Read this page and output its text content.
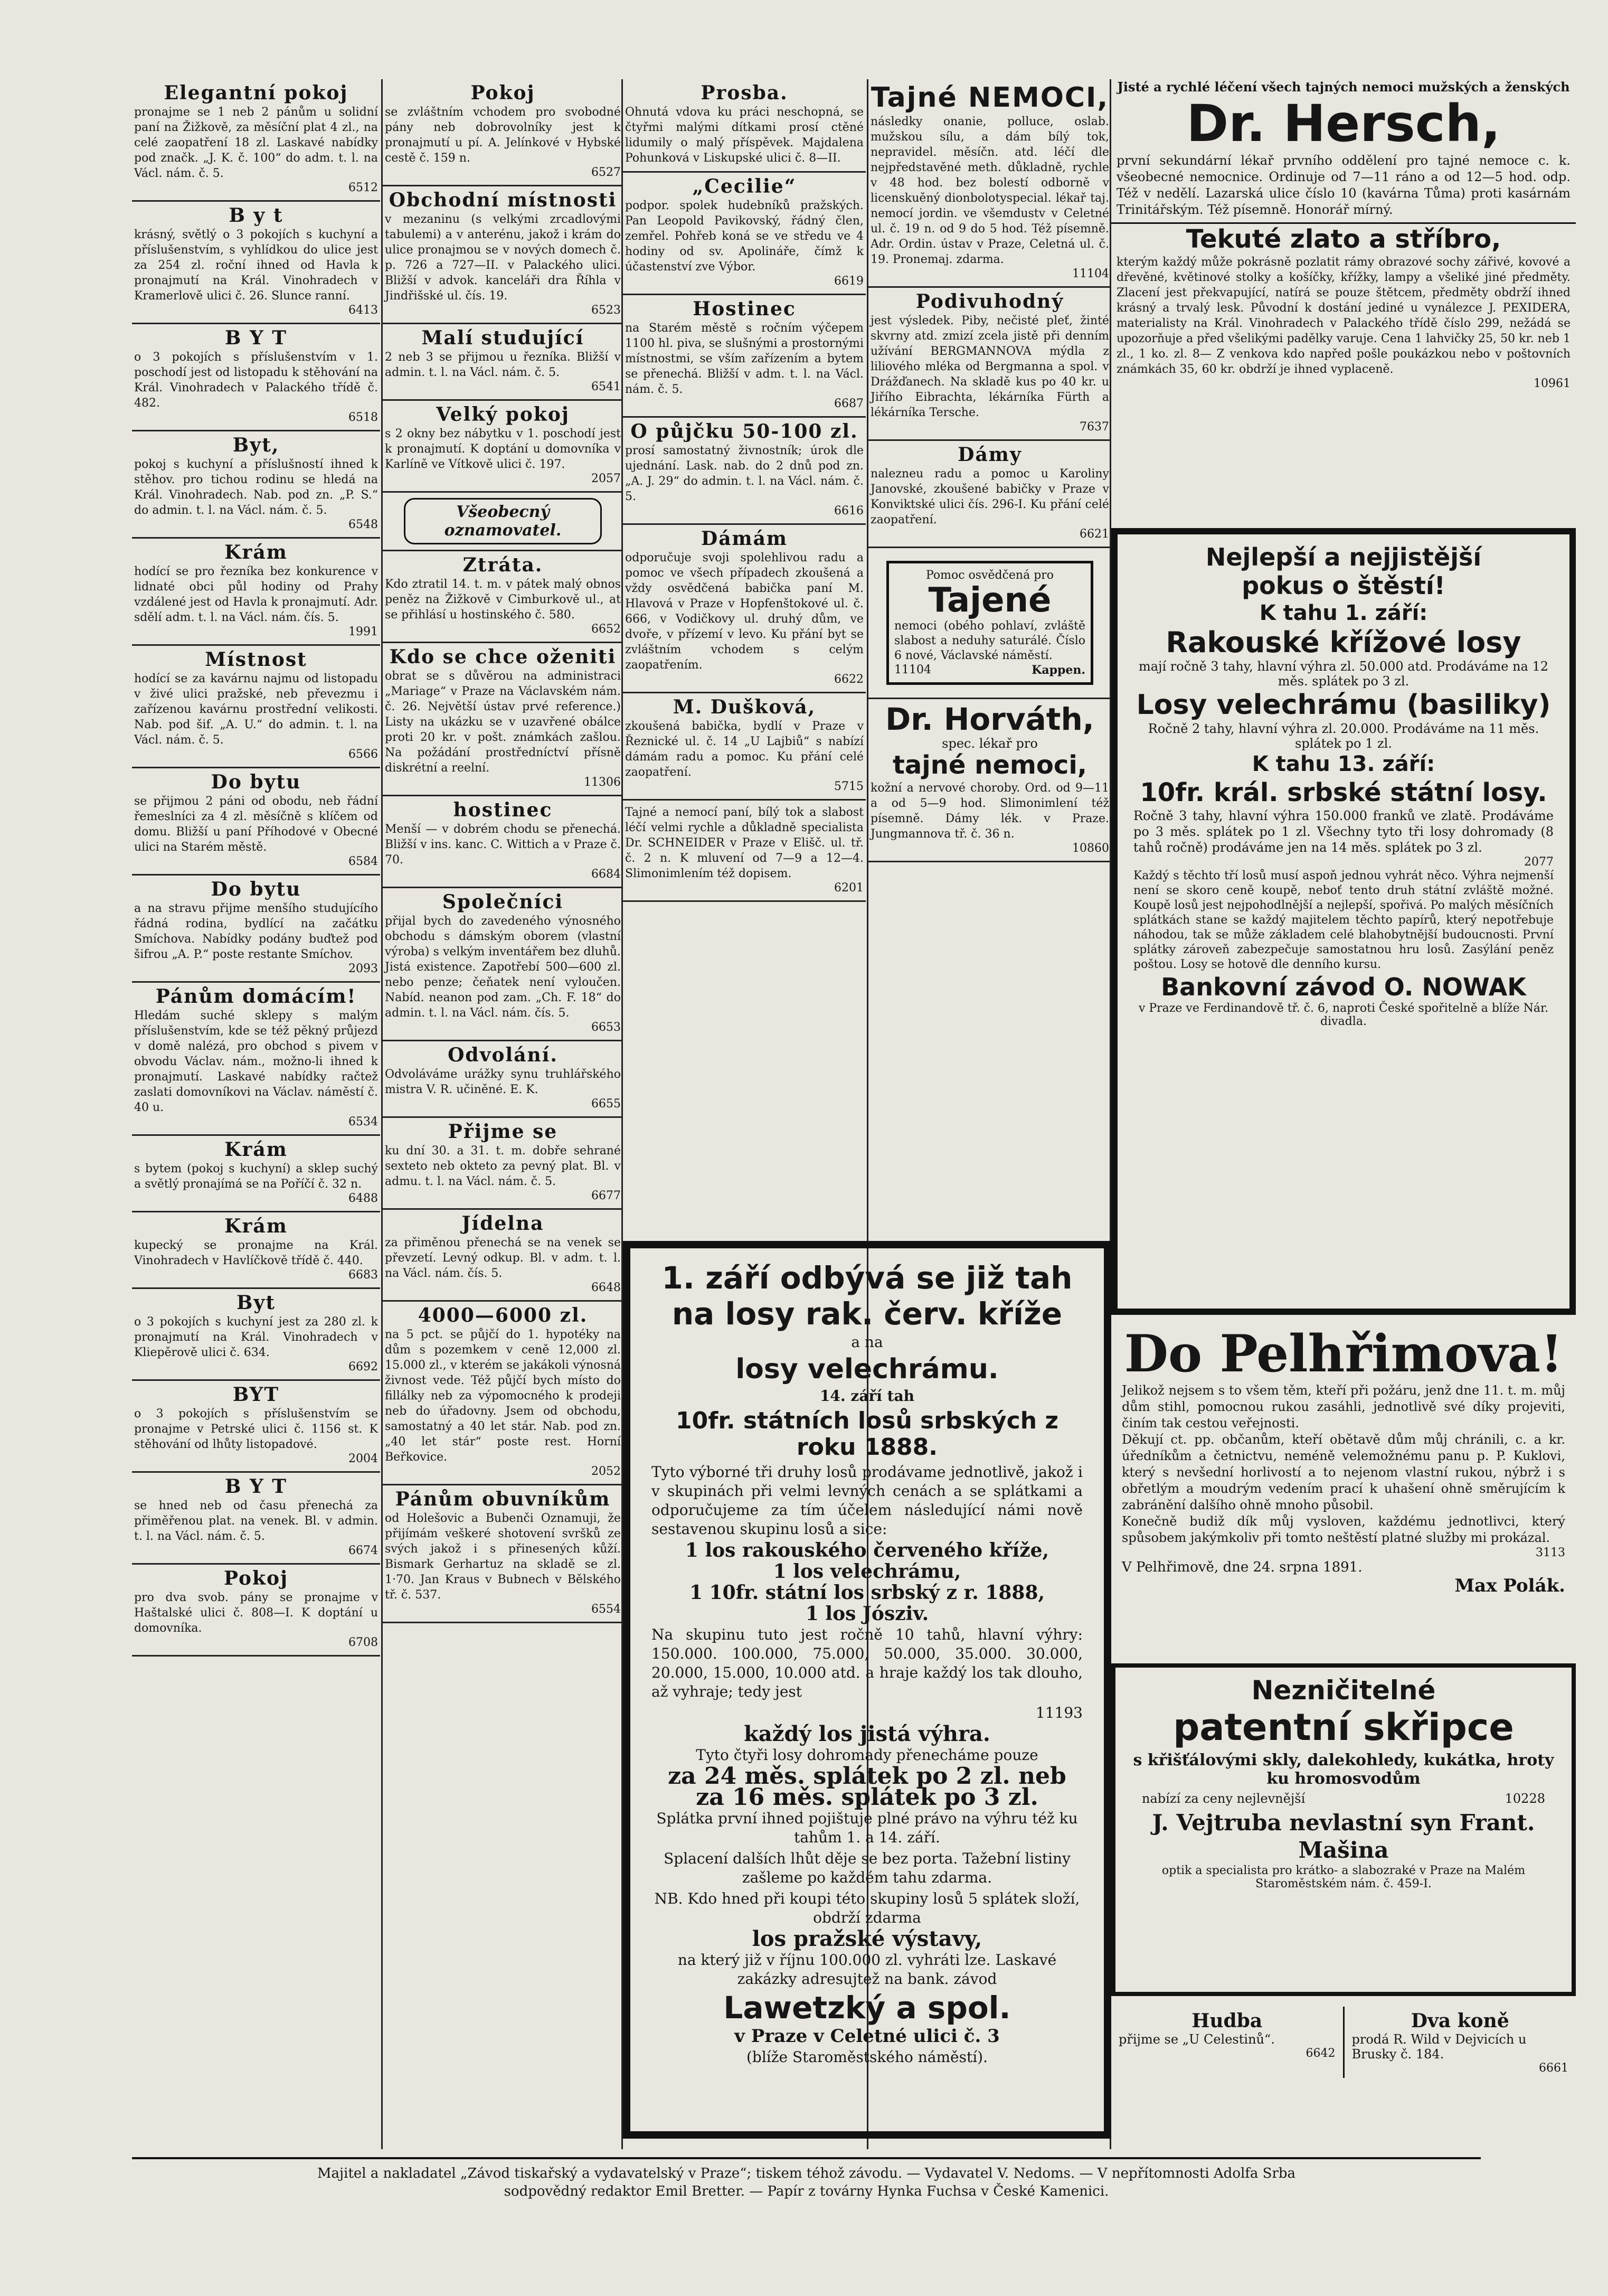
Elegantní pokoj

pronajme se 1 neb 2 pánům u solidní paní na Žižkově, za měsíční plat 4 zl., na celé zaopatření 18 zl. Laskavé nabídky pod značk. „J. K. č. 100“ do adm. t. l. na Václ. nám. č. 5.

6512
B y t

krásný, světlý o 3 pokojích s kuchyní a příslušenstvím, s vyhlídkou do ulice jest za 254 zl. roční ihned od Havla k pronajmutí na Král. Vinohradech v Kramerlově ulici č. 26. Slunce ranní.

6413
B Y T

o 3 pokojích s příslušenstvím v 1. poschodí jest od listopadu k stěhování na Král. Vinohradech v Palackého třídě č. 482.

6518
Byt,

pokoj s kuchyní a příslušností ihned k stěhov. pro tichou rodinu se hledá na Král. Vinohradech. Nab. pod zn. „P. S.“ do admin. t. l. na Václ. nám. č. 5.

6548
Krám

hodící se pro řezníka bez konkurence v lidnaté obci půl hodiny od Prahy vzdálené jest od Havla k pronajmutí. Adr. sdělí adm. t. l. na Václ. nám. čís. 5.

1991
Místnost

hodící se za kavárnu najmu od listopadu v živé ulici pražské, neb převezmu i zařízenou kavárnu prostřední velikosti. Nab. pod šif. „A. U.“ do admin. t. l. na Václ. nám. č. 5.

6566
Do bytu

se přijmou 2 páni od obodu, neb řádní řemeslníci za 4 zl. měsíčně s klíčem od domu. Bližší u paní Příhodové v Obecné ulici na Starém městě.

6584
Do bytu

a na stravu přijme menšího studujícího řádná rodina, bydlící na začátku Smíchova. Nabídky podány buďtež pod šifrou „A. P.“ poste restante Smíchov.

2093
Pánům domácím!

Hledám suché sklepy s malým příslušenstvím, kde se též pěkný průjezd v domě nalézá, pro obchod s pivem v obvodu Václav. nám., možno-li ihned k pronajmutí. Laskavé nabídky račtež zaslati domovníkovi na Václav. náměstí č. 40 u.

6534
Krám

s bytem (pokoj s kuchyní) a sklep suchý a světlý pronajímá se na Poříčí č. 32 n.

6488
Krám

kupecký se pronajme na Král. Vinohradech v Havlíčkově třídě č. 440.

6683
Byt

o 3 pokojích s kuchyní jest za 280 zl. k pronajmutí na Král. Vinohradech v Kliepěrově ulici č. 634.

6692
BYT

o 3 pokojích s příslušenstvím se pronajme v Petrské ulici č. 1156 st. K stěhování od lhůty listopadové.

2004
B Y T

se hned neb od času přenechá za přiměřenou plat. na venek. Bl. v admin. t. l. na Václ. nám. č. 5.

6674
Pokoj

pro dva svob. pány se pronajme v Haštalské ulici č. 808—I. K doptání u domovníka.

6708
Pokoj

se zvláštním vchodem pro svobodné pány neb dobrovolníky jest k pronajmutí u pí. A. Jelínkové v Hybské cestě č. 159 n.

6527
Obchodní místnosti

v mezaninu (s velkými zrcadlovými tabulemi) a v anterénu, jakož i krám do ulice pronajmou se v nových domech č. p. 726 a 727—II. v Palackého ulici. Bližší v advok. kanceláři dra Říhla v Jindřišské ul. čís. 19.

6523
Malí studující

2 neb 3 se přijmou u řezníka. Bližší v admin. t. l. na Václ. nám. č. 5.

6541
Velký pokoj

s 2 okny bez nábytku v 1. poschodí jest k pronajmutí. K doptání u domovníka v Karlíně ve Vítkově ulici č. 197.

2057
Všeobecný oznamovatel.
Ztráta.

Kdo ztratil 14. t. m. v pátek malý obnos peněz na Žižkově v Cimburkově ul., at se přihlásí u hostinského č. 580.

6652
Kdo se chce oženiti

obrat se s důvěrou na administraci „Mariage“ v Praze na Václavském nám. č. 26. Největší ústav prvé reference.) Listy na ukázku se v uzavřené obálce proti 20 kr. v pošt. známkách zašlou. Na požádání prostředníctví přísně diskrétní a reelní.

11306
hostinec

Menší — v dobrém chodu se přenechá. Bližší v ins. kanc. C. Wittich a v Praze č. 70.

6684
Společníci

přijal bych do zavedeného výnosného obchodu s dámským oborem (vlastní výroba) s velkým inventářem bez dluhů. Jistá existence. Zapotřebí 500—600 zl. nebo penze; čeňatek není vyloučen. Nabíd. neanon pod zam. „Ch. F. 18“ do admin. t. l. na Václ. nám. čís. 5.

6653
Odvolání.

Odvoláváme urážky synu truhlářského mistra V. R. učiněné. E. K.

6655
Přijme se

ku dní 30. a 31. t. m. dobře sehrané sexteto neb okteto za pevný plat. Bl. v admu. t. l. na Václ. nám. č. 5.

6677
Jídelna

za přiměnou přenechá se na venek se převzetí. Levný odkup. Bl. v adm. t. l. na Václ. nám. čís. 5.

6648
4000—6000 zl.

na 5 pct. se půjčí do 1. hypotéky na dům s pozemkem v ceně 12,000 zl. 15.000 zl., v kterém se jakákoli výnosná živnost vede. Též půjčí bych místo do fillálky neb za výpomocného k prodeji neb do úřadovny. Jsem od obchodu, samostatný a 40 let stár. Nab. pod zn. „40 let stár“ poste rest. Horní Beřkovice.

2052
Pánům obuvníkům

od Holešovic a Bubenči Oznamuji, že přijímám veškeré shotovení svršků ze svých jakož i s přinesených kůží. Bismark Gerhartuz na skladě se zl. 1·70. Jan Kraus v Bubnech v Bělského tř. č. 537.

6554
Prosba.

Ohnutá vdova ku práci neschopná, se čtyřmi malými dítkami prosí ctěné lidumily o malý příspěvek. Majdalena Pohunková v Liskupské ulici č. 8—II.

„Cecilie“

podpor. spolek hudebníků pražských. Pan Leopold Pavikovský, řádný člen, zemřel. Pohřeb koná se ve středu ve 4 hodiny od sv. Apolináře, čímž k účastenství zve Výbor.

6619
Hostinec

na Starém městě s ročním výčepem 1100 hl. piva, se slušnými a prostornými místnostmi, se vším zařízením a bytem se přenechá. Bližší v adm. t. l. na Václ. nám. č. 5.

6687
O půjčku 50-100 zl.

prosí samostatný živnostník; úrok dle ujednání. Lask. nab. do 2 dnů pod zn. „A. J. 29“ do admin. t. l. na Václ. nám. č. 5.

6616
Dámám

odporučuje svoji spolehlivou radu a pomoc ve všech případech zkoušená a vždy osvědčená babička paní M. Hlavová v Praze v Hopfenštokové ul. č. 666, v Vodičkovy ul. druhý dům, ve dvoře, v přízemí v levo. Ku přání byt se zvláštním vchodem s celým zaopatřením.

6622
M. Dušková,

zkoušená babička, bydlí v Praze v Řeznické ul. č. 14 „U Lajbiů“ s nabízí dámám radu a pomoc. Ku přání celé zaopatření.

5715

Tajné a nemocí paní, bílý tok a slabost léčí velmi rychle a důkladně specialista Dr. SCHNEIDER v Praze v Elišč. ul. tř. č. 2 n. K mluvení od 7—9 a 12—4. Slimonimlením též dopisem.

6201
Tajné NEMOCI,

následky onanie, polluce, oslab. mužskou sílu, a dám bílý tok, nepravidel. měsíčn. atd. léčí dle nejpředstavěné meth. důkladně, rychle v 48 hod. bez bolestí odborně v licenskuěný dionbolotyspecial. lékař taj. nemocí jordin. ve všemdustv v Celetné ul. č. 19 n. od 9 do 5 hod. Též písemně. Adr. Ordin. ústav v Praze, Celetná ul. č. 19. Pronemaj. zdarma.

11104
Podivuhodný

jest výsledek. Piby, nečisté pleť, žinté skvrny atd. zmizí zcela jistě při denním užívání BERGMANNOVA mýdla z liliového mléka od Bergmanna a spol. v Drážďanech. Na skladě kus po 40 kr. u Jiřího Eibrachta, lékárníka Fürth a lékárníka Tersche.

7637
Dámy

nalezneu radu a pomoc u Karoliny Janovské, zkoušené babičky v Praze v Konviktské ulici čís. 296-I. Ku přání celé zaopatření.

6621
Pomoc osvědčená pro
Tajené

nemoci (obého pohlaví, zvláště slabost a neduhy saturálé. Číslo 6 nové, Václavské náměstí.

11104	Kappen.
Dr. Horváth,
spec. lékař pro
tajné nemoci,

kožní a nervové choroby. Ord. od 9—11 a od 5—9 hod. Slimonimlení též písemně. Dámy lék. v Praze. Jungmannova tř. č. 36 n.

10860

1. září odbývá se již tah

na losy rak. červ. kříže

a na

losy velechrámu.

14. září tah

10fr. státních losů srbských z roku 1888.

Tyto výborné tři druhy losů prodávame jednotlivě, jakož i v skupinách při velmi levných cenách a se splátkami a odporučujeme za tím účelem následující námi nově sestavenou skupinu losů a sice:

1 los rakouského červeného kříže,

1 los velechrámu,

1 10fr. státní los srbský z r. 1888,

1 los Jósziv.

Na skupinu tuto jest ročně 10 tahů, hlavní výhry: 150.000. 100.000, 75.000, 50.000, 35.000. 30.000, 20.000, 15.000, 10.000 atd. a hraje každý los tak dlouho, až vyhraje; tedy jest

11193

každý los jistá výhra.

Tyto čtyři losy dohromady přenecháme pouze

za 24 měs. splátek po 2 zl. neb

za 16 měs. splátek po 3 zl.

Splátka první ihned pojištuje plné právo na výhru též ku tahům 1. a 14. září.

Splacení dalších lhůt děje se bez porta. Tažební listiny zašleme po každém tahu zdarma.

NB. Kdo hned při koupi této skupiny losů 5 splátek složí, obdrží zdarma

los pražské výstavy,

na který již v říjnu 100.000 zl. vyhráti lze. Laskavé zakázky adresujtež na bank. závod

Lawetzký a spol.

v Praze v Celetné ulici č. 3

(blíže Staroměstského náměstí).

Jisté a rychlé léčení všech tajných nemoci mužských a ženských
Dr. Hersch,

první sekundární lékař prvního oddělení pro tajné nemoce c. k. všeobecné nemocnice. Ordinuje od 7—11 ráno a od 12—5 hod. odp. Též v nedělí. Lazarská ulice číslo 10 (kavárna Tůma) proti kasárnám Trinitářským. Též písemně. Honorář mírný.

Tekuté zlato a stříbro,

kterým každý může pokrásně pozlatit rámy obrazové sochy zářivé, kovové a dřevěné, květinové stolky a košíčky, křížky, lampy a všeliké jiné předměty. Zlacení jest překvapující, natírá se pouze štětcem, předměty obdrží ihned krásný a trvalý lesk. Původní k dostání jediné u vynálezce J. PEXIDERA, materialisty na Král. Vinohradech v Palackého třídě číslo 299, nežádá se upozorňuje a před všelikými padělky varuje. Cena 1 lahvičky 25, 50 kr. neb 1 zl., 1 ko. zl. 8— Z venkova kdo napřed pošle poukázkou nebo v poštovních známkách 35, 60 kr. obdrží je ihned vyplaceně.

10961
Nejlepší a nejjistější
pokus o štěstí!
K tahu 1. září:
Rakouské křížové losy

mají ročně 3 tahy, hlavní výhra zl. 50.000 atd. Prodáváme na 12 měs. splátek po 3 zl.

Losy velechrámu (basiliky)

Ročně 2 tahy, hlavní výhra zl. 20.000. Prodáváme na 11 měs. splátek po 1 zl.

K tahu 13. září:
10fr. král. srbské státní losy.

Ročně 3 tahy, hlavní výhra 150.000 franků ve zlatě. Prodáváme po 3 měs. splátek po 1 zl. Všechny tyto tři losy dohromady (8 tahů ročně) prodáváme jen na 14 měs. splátek po 3 zl.

2077

Každý s těchto tří losů musí aspoň jednou vyhrát něco. Výhra nejmenší není se skoro ceně koupě, neboť tento druh státní zvláště možné. Koupě losů jest nejpohodlnější a nejlepší, spořivá. Po malých měsíčních splátkách stane se každý majitelem těchto papírů, který nepotřebuje náhodou, tak se může základem celé blahobytnější budoucnosti. První splátky zároveň zabezpečuje samostatnou hru losů. Zasýlání peněz poštou. Losy se hotově dle denního kursu.

Bankovní závod O. NOWAK

v Praze ve Ferdinandově tř. č. 6, naproti České spořitelně a blíže Nár. divadla.

Do Pelhřimova!

Jelikož nejsem s to všem těm, kteří při požáru, jenž dne 11. t. m. můj dům stihl, pomocnou rukou zasáhli, jednotlivě své díky projeviti, činím tak cestou veřejnosti.

Děkují ct. pp. občanům, kteří obětavě dům můj chránili, c. a kr. úředníkům a četnictvu, neméně velemožnému panu p. P. Kuklovi, který s nevšední horlivostí a to nejenom vlastní rukou, nýbrž i s obřetlým a moudrým vedením prací k uhašení ohně směrujícím k zabránění dalšího ohně mnoho působil.

Konečně budiž dík můj vysloven, každému jednotlivci, který spůsobem jakýmkoliv při tomto neštěstí platné služby mi prokázal.

3113
V Pelhřimově, dne 24. srpna 1891.
Max Polák.
Nezničitelné
patentní skřipce

s křišťálovými skly, dalekohledy, kukátka, hroty ku hromosvodům

nabízí za ceny nejlevnější	10228
J. Vejtruba nevlastní syn Frant. Mašina

optik a specialista pro krátko- a slabozraké v Praze na Malém Staroměstském nám. č. 459-I.

Hudba

přijme se „U Celestinů“.

6642
Dva koně

prodá R. Wild v Dejvicích u Brusky č. 184.

6661
Majitel a nakladatel „Závod tiskařský a vydavatelský v Praze“; tiskem téhož závodu. — Vydavatel V. Nedoms. — V nepřítomnosti Adolfa Srba
sodpovědný redaktor Emil Bretter. — Papír z továrny Hynka Fuchsa v České Kamenici.
